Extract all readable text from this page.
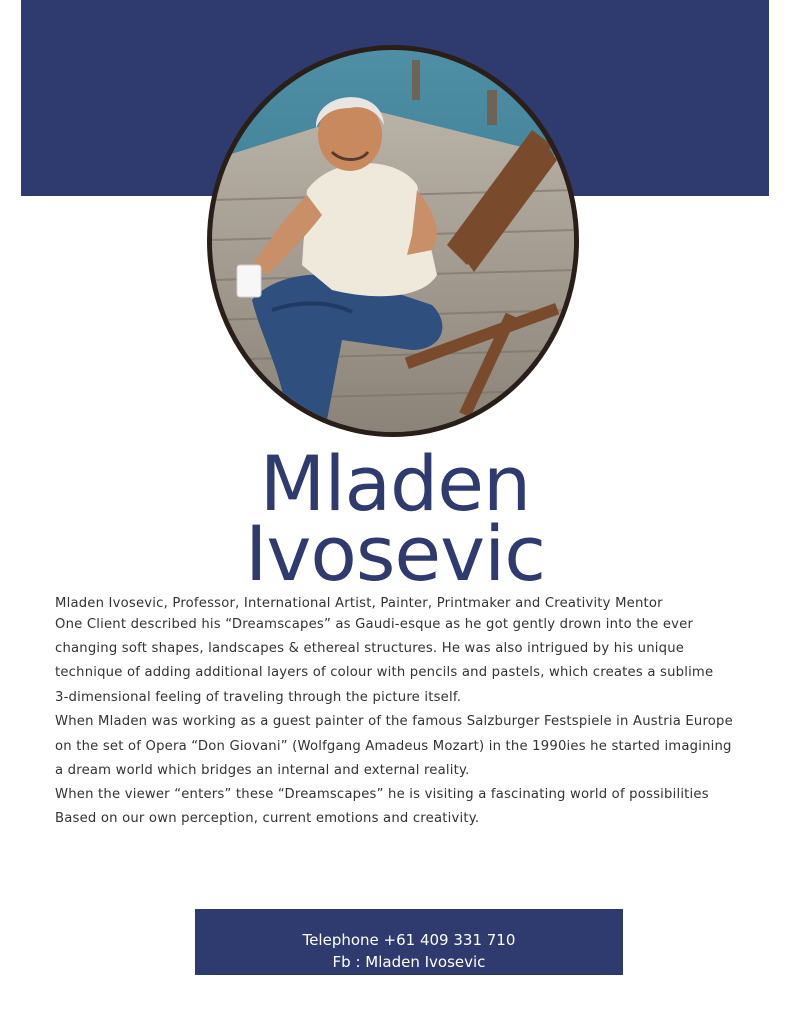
Mladen
Ivosevic

Mladen Ivosevic, Professor, International Artist, Painter, Printmaker and Creativity Mentor

One Client described his “Dreamscapes” as Gaudi-esque as he got gently drown into the ever

changing soft shapes, landscapes & ethereal structures. He was also intrigued by his unique

technique of adding additional layers of colour with pencils and pastels, which creates a sublime

3-dimensional feeling of traveling through the picture itself.

When Mladen was working as a guest painter of the famous Salzburger Festspiele in Austria Europe

on the set of Opera “Don Giovani” (Wolfgang Amadeus Mozart) in the 1990ies he started imagining

a dream world which bridges an internal and external reality.

When the viewer “enters” these “Dreamscapes” he is visiting a fascinating world of possibilities

Based on our own perception, current emotions and creativity.

Telephone +61 409 331 710
Fb : Mladen Ivosevic
